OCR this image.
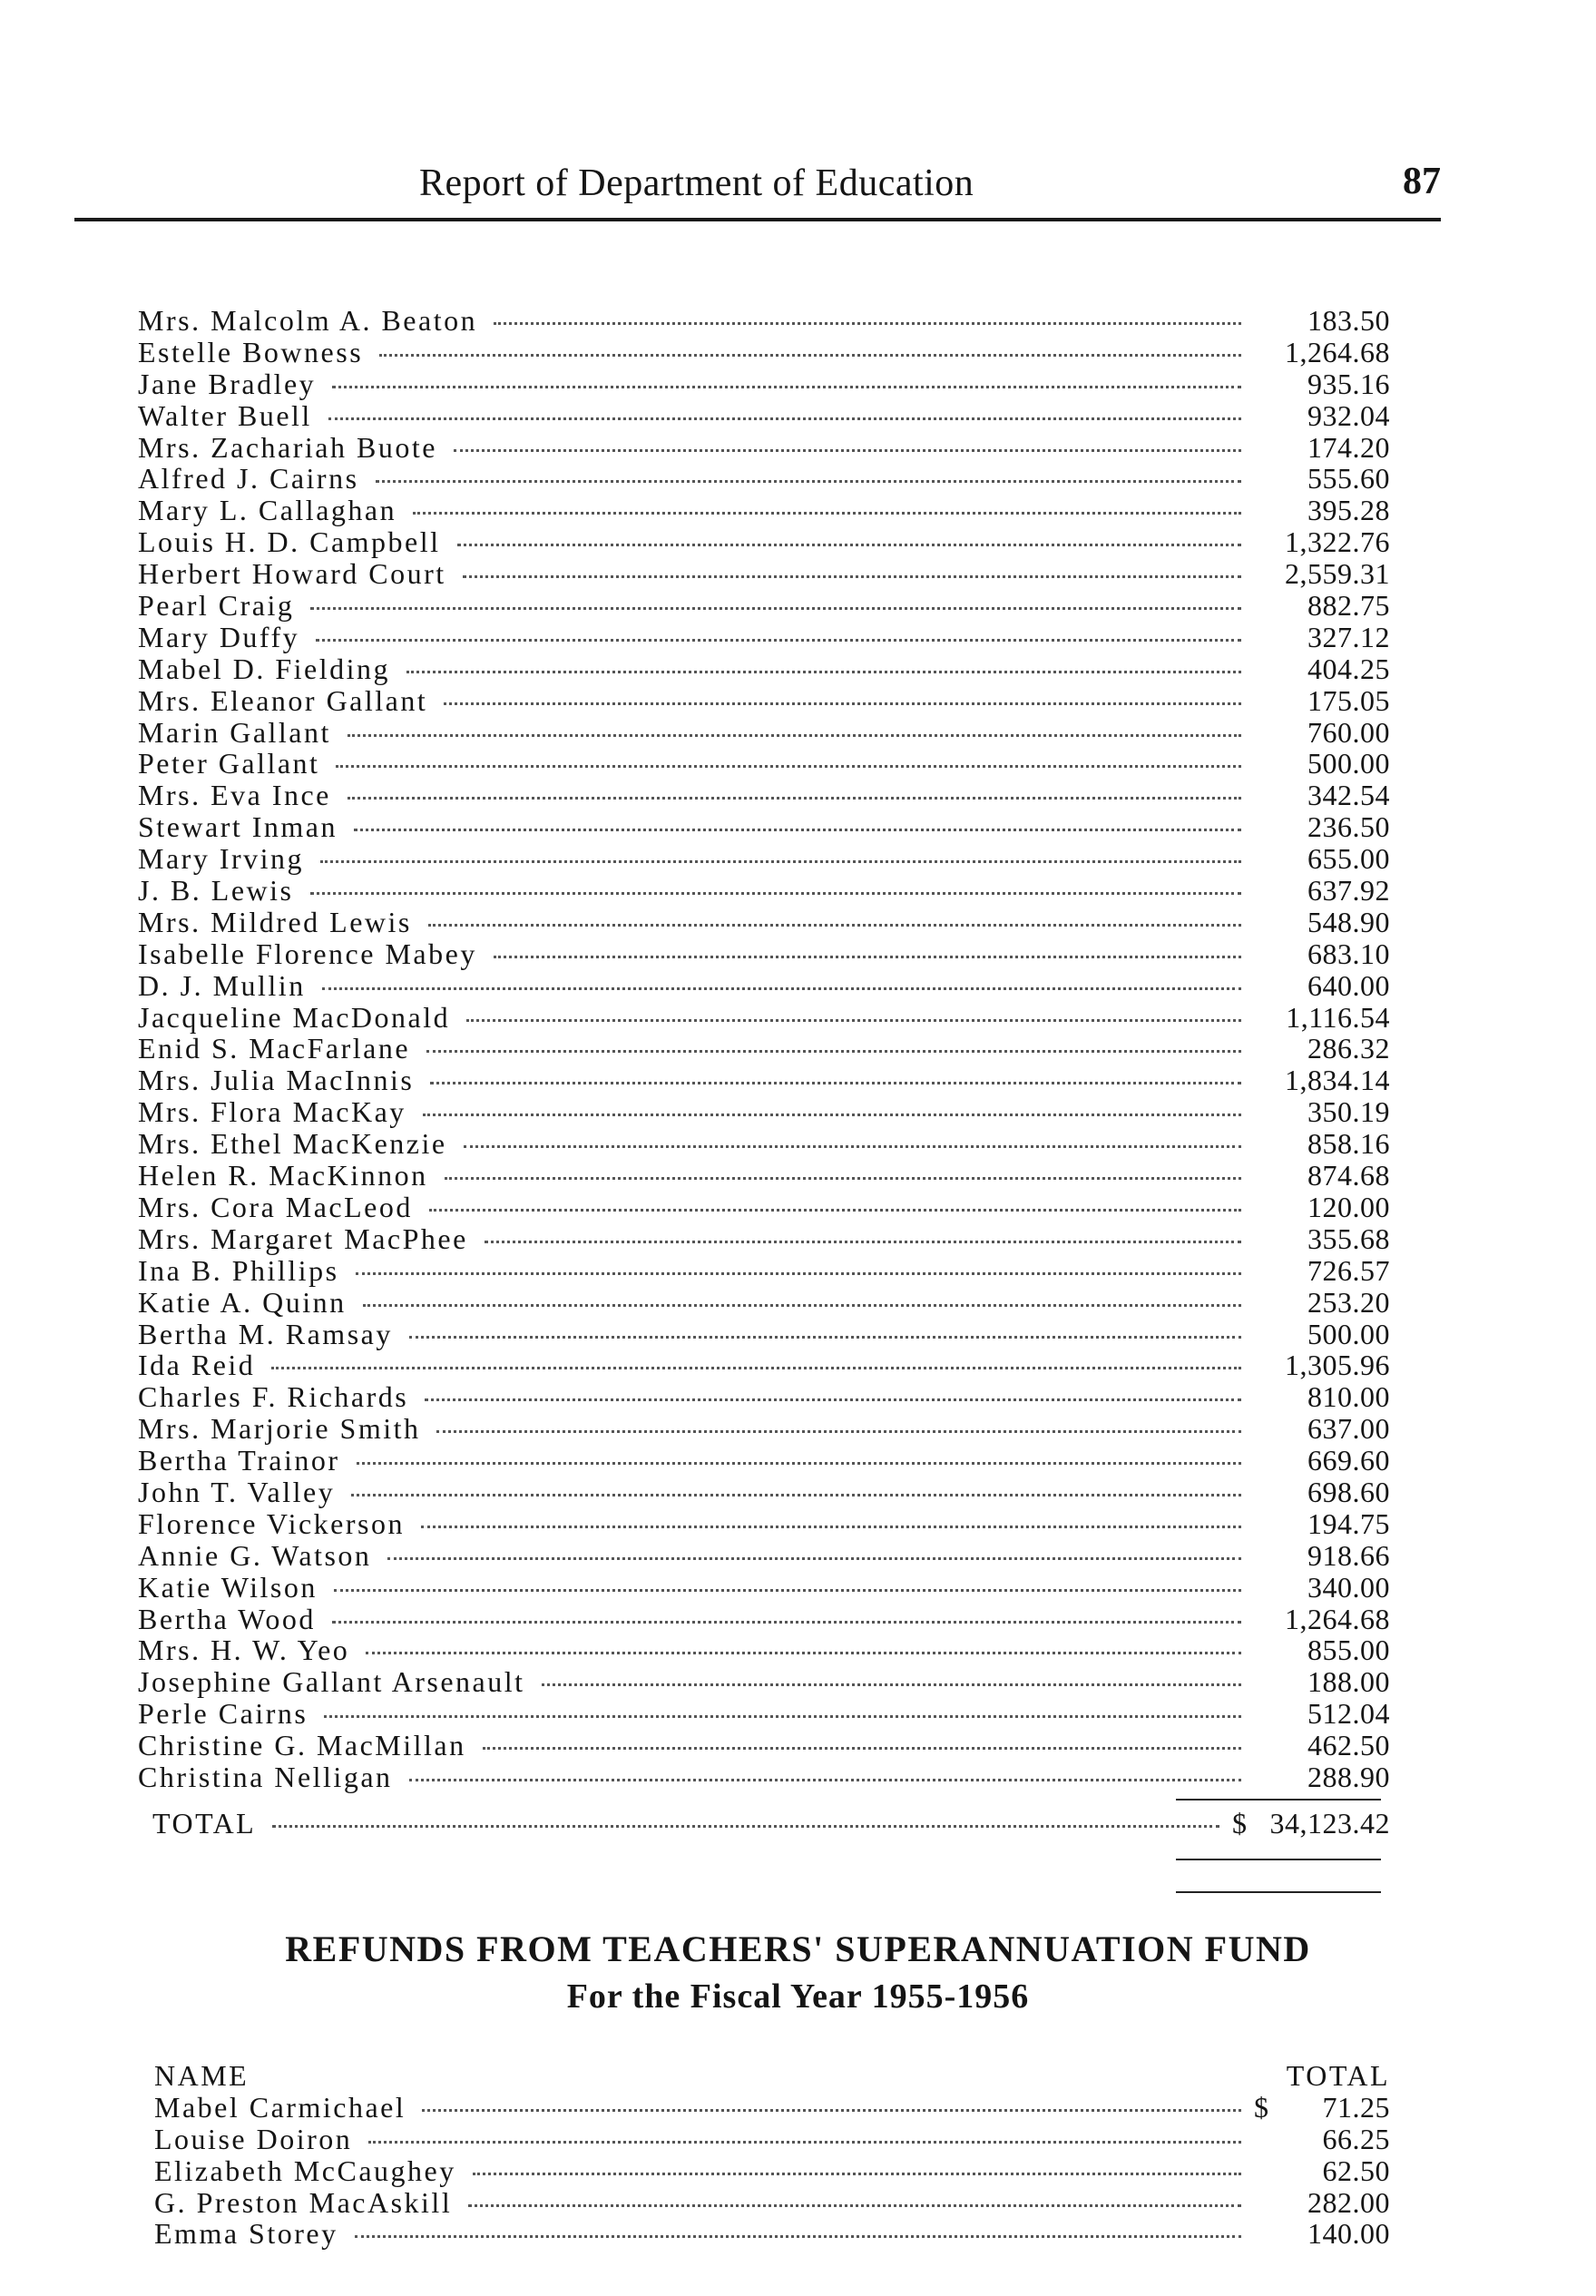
Report of Department of Education	87
Mrs. Malcolm A. Beaton	183.50
Estelle Bowness	1,264.68
Jane Bradley	935.16
Walter Buell	932.04
Mrs. Zachariah Buote	174.20
Alfred J. Cairns	555.60
Mary L. Callaghan	395.28
Louis H. D. Campbell	1,322.76
Herbert Howard Court	2,559.31
Pearl Craig	882.75
Mary Duffy	327.12
Mabel D. Fielding	404.25
Mrs. Eleanor Gallant	175.05
Marin Gallant	760.00
Peter Gallant	500.00
Mrs. Eva Ince	342.54
Stewart Inman	236.50
Mary Irving	655.00
J. B. Lewis	637.92
Mrs. Mildred Lewis	548.90
Isabelle Florence Mabey	683.10
D. J. Mullin	640.00
Jacqueline MacDonald	1,116.54
Enid S. MacFarlane	286.32
Mrs. Julia MacInnis	1,834.14
Mrs. Flora MacKay	350.19
Mrs. Ethel MacKenzie	858.16
Helen R. MacKinnon	874.68
Mrs. Cora MacLeod	120.00
Mrs. Margaret MacPhee	355.68
Ina B. Phillips	726.57
Katie A. Quinn	253.20
Bertha M. Ramsay	500.00
Ida Reid	1,305.96
Charles F. Richards	810.00
Mrs. Marjorie Smith	637.00
Bertha Trainor	669.60
John T. Valley	698.60
Florence Vickerson	194.75
Annie G. Watson	918.66
Katie Wilson	340.00
Bertha Wood	1,264.68
Mrs. H. W. Yeo	855.00
Josephine Gallant Arsenault	188.00
Perle Cairns	512.04
Christine G. MacMillan	462.50
Christina Nelligan	288.90
TOTAL	$ 34,123.42
REFUNDS FROM TEACHERS' SUPERANNUATION FUND
For the Fiscal Year 1955-1956
NAME	TOTAL
Mabel Carmichael	$	71.25
Louise Doiron	66.25
Elizabeth McCaughey	62.50
G. Preston MacAskill	282.00
Emma Storey	140.00
